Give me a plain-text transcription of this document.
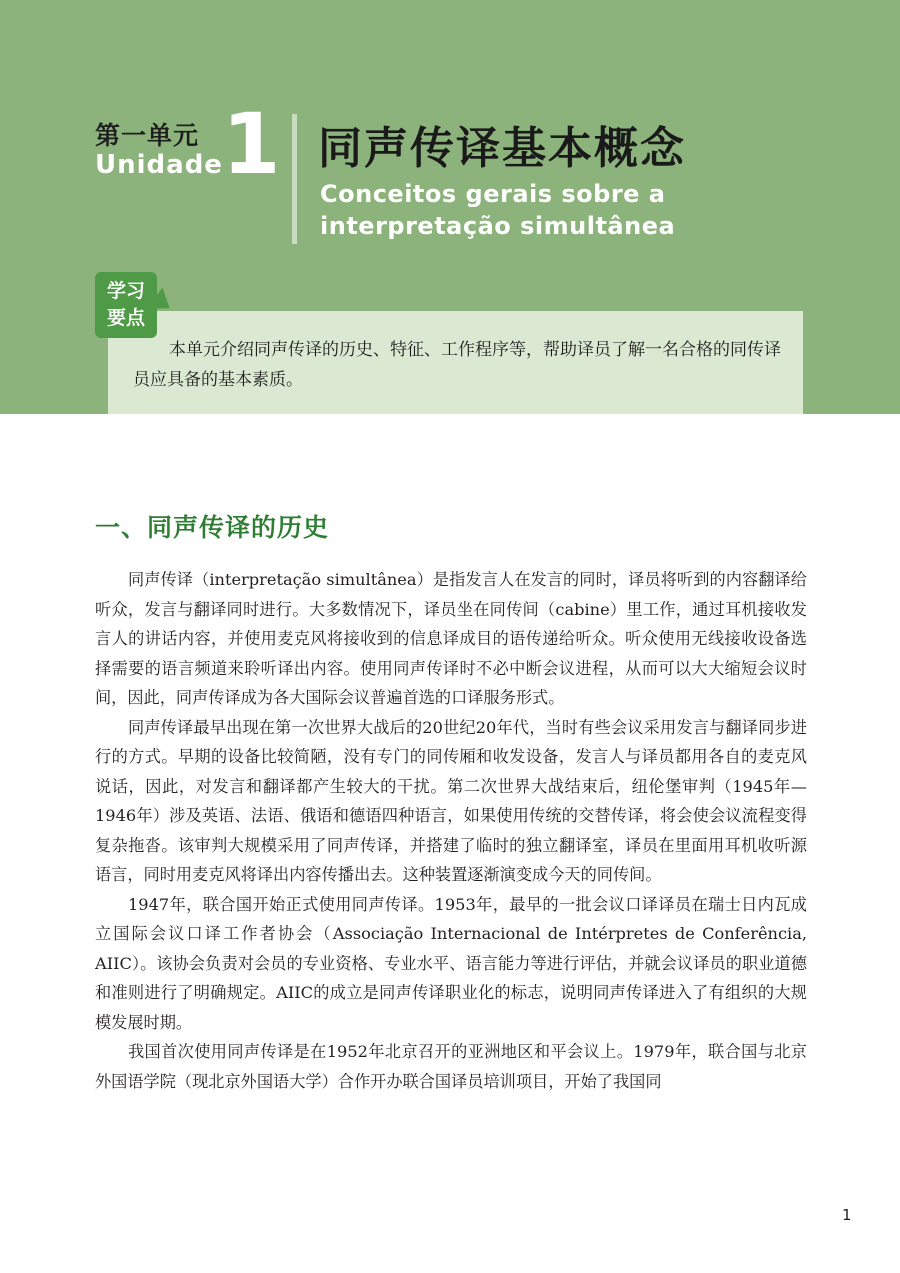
第一单元
Unidade 1 同声传译基本概念
Conceitos gerais sobre a interpretação simultânea
本单元介绍同声传译的历史、特征、工作程序等，帮助译员了解一名合格的同传译员应具备的基本素质。
学习
要点
一、同声传译的历史

同声传译（interpretação simultânea）是指发言人在发言的同时，译员将听到的内容翻译给听众，发言与翻译同时进行。大多数情况下，译员坐在同传间（cabine）里工作，通过耳机接收发言人的讲话内容，并使用麦克风将接收到的信息译成目的语传递给听众。听众使用无线接收设备选择需要的语言频道来聆听译出内容。使用同声传译时不必中断会议进程，从而可以大大缩短会议时间，因此，同声传译成为各大国际会议普遍首选的口译服务形式。

同声传译最早出现在第一次世界大战后的20世纪20年代，当时有些会议采用发言与翻译同步进行的方式。早期的设备比较简陋，没有专门的同传厢和收发设备，发言人与译员都用各自的麦克风说话，因此，对发言和翻译都产生较大的干扰。第二次世界大战结束后，纽伦堡审判（1945年—1946年）涉及英语、法语、俄语和德语四种语言，如果使用传统的交替传译，将会使会议流程变得复杂拖沓。该审判大规模采用了同声传译，并搭建了临时的独立翻译室，译员在里面用耳机收听源语言，同时用麦克风将译出内容传播出去。这种装置逐渐演变成今天的同传间。

1947年，联合国开始正式使用同声传译。1953年，最早的一批会议口译译员在瑞士日内瓦成立国际会议口译工作者协会（Associação Internacional de Intérpretes de Conferência, AIIC）。该协会负责对会员的专业资格、专业水平、语言能力等进行评估，并就会议译员的职业道德和准则进行了明确规定。AIIC的成立是同声传译职业化的标志，说明同声传译进入了有组织的大规模发展时期。

我国首次使用同声传译是在1952年北京召开的亚洲地区和平会议上。1979年，联合国与北京外国语学院（现北京外国语大学）合作开办联合国译员培训项目，开始了我国同

1
